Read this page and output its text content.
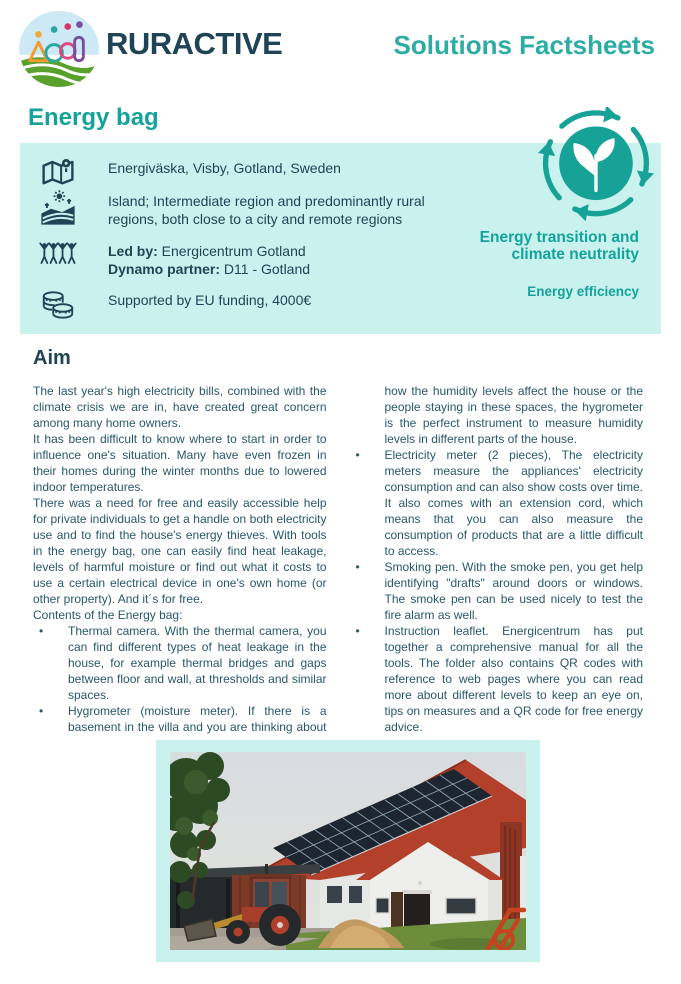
RURACTIVE	Solutions Factsheets
Energy bag
Energiväska, Visby, Gotland, Sweden
Island; Intermediate region and predominantly rural regions, both close to a city and remote regions
Led by: Energicentrum Gotland
Dynamo partner: D11 - Gotland
Supported by EU funding, 4000€
Energy transition and climate neutrality
Energy efficiency
Aim

The last year's high electricity bills, combined with the climate crisis we are in, have created great concern among many home owners.

It has been difficult to know where to start in order to influence one's situation. Many have even frozen in their homes during the winter months due to lowered indoor temperatures.

There was a need for free and easily accessible help for private individuals to get a handle on both electricity use and to find the house's energy thieves. With tools in the energy bag, one can easily find heat leakage, levels of harmful moisture or find out what it costs to use a certain electrical device in one's own home (or other property). And it´s for free.

Contents of the Energy bag:

• Thermal camera. With the thermal camera, you can find different types of heat leakage in the house, for example thermal bridges and gaps between floor and wall, at thresholds and similar spaces.
• Hygrometer (moisture meter). If there is a basement in the villa and you are thinking about how the humidity levels affect the house or the people staying in these spaces, the hygrometer is the perfect instrument to measure humidity levels in different parts of the house.
• Electricity meter (2 pieces), The electricity meters measure the appliances' electricity consumption and can also show costs over time. It also comes with an extension cord, which means that you can also measure the consumption of products that are a little difficult to access.
• Smoking pen. With the smoke pen, you get help identifying "drafts" around doors or windows. The smoke pen can be used nicely to test the fire alarm as well.
• Instruction leaflet. Energicentrum has put together a comprehensive manual for all the tools. The folder also contains QR codes with reference to web pages where you can read more about different levels to keep an eye on, tips on measures and a QR code for free energy advice.
